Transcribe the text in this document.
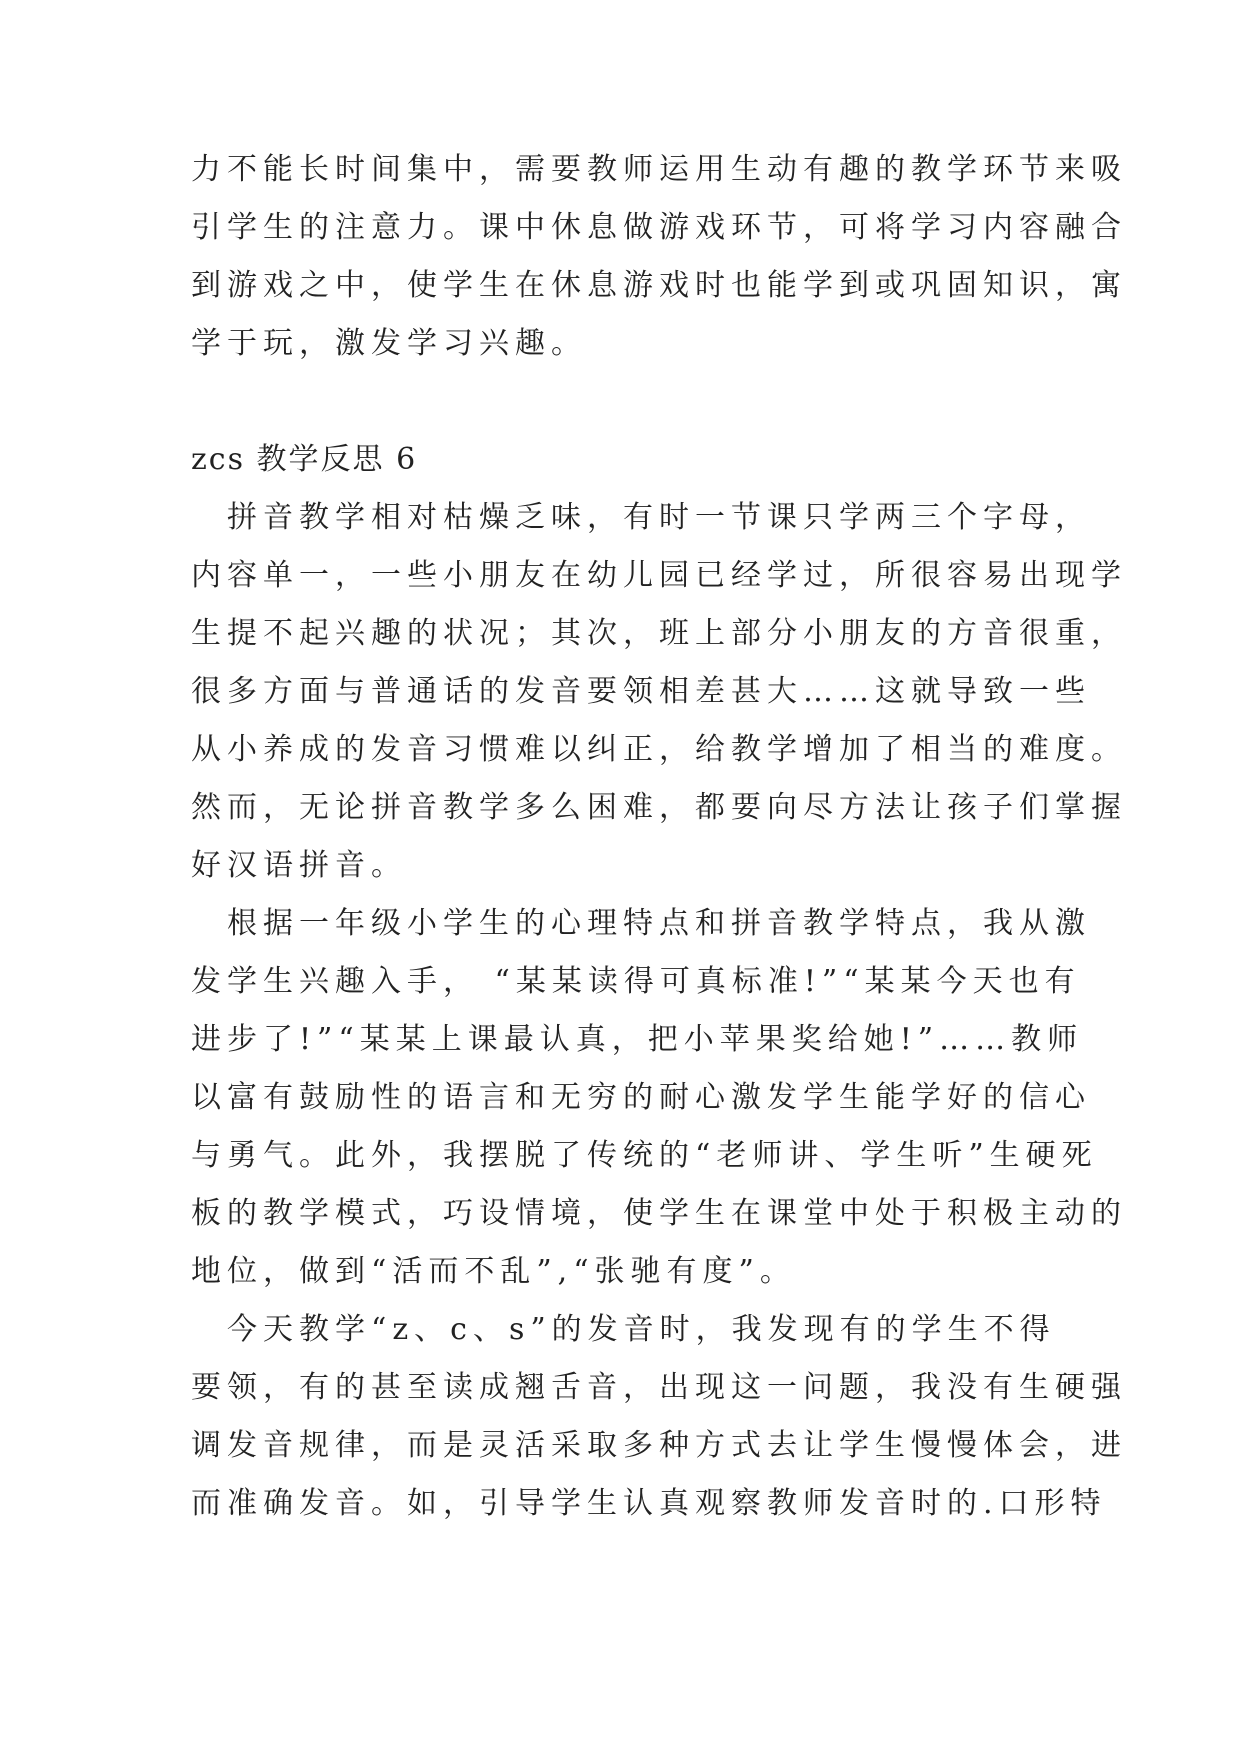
力不能长时间集中，需要教师运用生动有趣的教学环节来吸

引学生的注意力。课中休息做游戏环节，可将学习内容融合

到游戏之中，使学生在休息游戏时也能学到或巩固知识，寓

学于玩，激发学习兴趣。

zcs 教学反思 6

　拼音教学相对枯燥乏味，有时一节课只学两三个字母，

内容单一，一些小朋友在幼儿园已经学过，所很容易出现学

生提不起兴趣的状况；其次，班上部分小朋友的方音很重，

很多方面与普通话的发音要领相差甚大……这就导致一些

从小养成的发音习惯难以纠正，给教学增加了相当的难度。

然而，无论拼音教学多么困难，都要向尽方法让孩子们掌握

好汉语拼音。

　根据一年级小学生的心理特点和拼音教学特点，我从激

发学生兴趣入手， “某某读得可真标准!”“某某今天也有

进步了!”“某某上课最认真，把小苹果奖给她!”……教师

以富有鼓励性的语言和无穷的耐心激发学生能学好的信心

与勇气。此外，我摆脱了传统的“老师讲、学生听”生硬死

板的教学模式，巧设情境，使学生在课堂中处于积极主动的

地位，做到“活而不乱”,“张驰有度”。

　今天教学“z、c、s”的发音时，我发现有的学生不得

要领，有的甚至读成翘舌音，出现这一问题，我没有生硬强

调发音规律，而是灵活采取多种方式去让学生慢慢体会，进

而准确发音。如，引导学生认真观察教师发音时的.口形特
